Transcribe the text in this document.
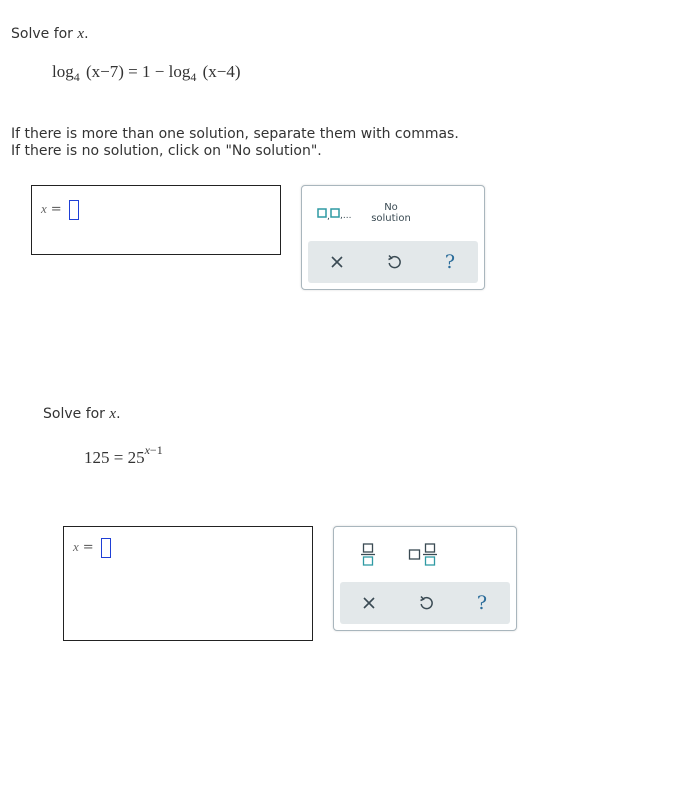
Solve for x.
$\log_4 (x-7) = 1 - \log_4 (x-4)$
If there is more than one solution, separate them with commas.
If there is no solution, click on "No solution".
x =
, ,...
No
solution
?
Solve for x.
$125 = 25^{x-1}$
x =
?
